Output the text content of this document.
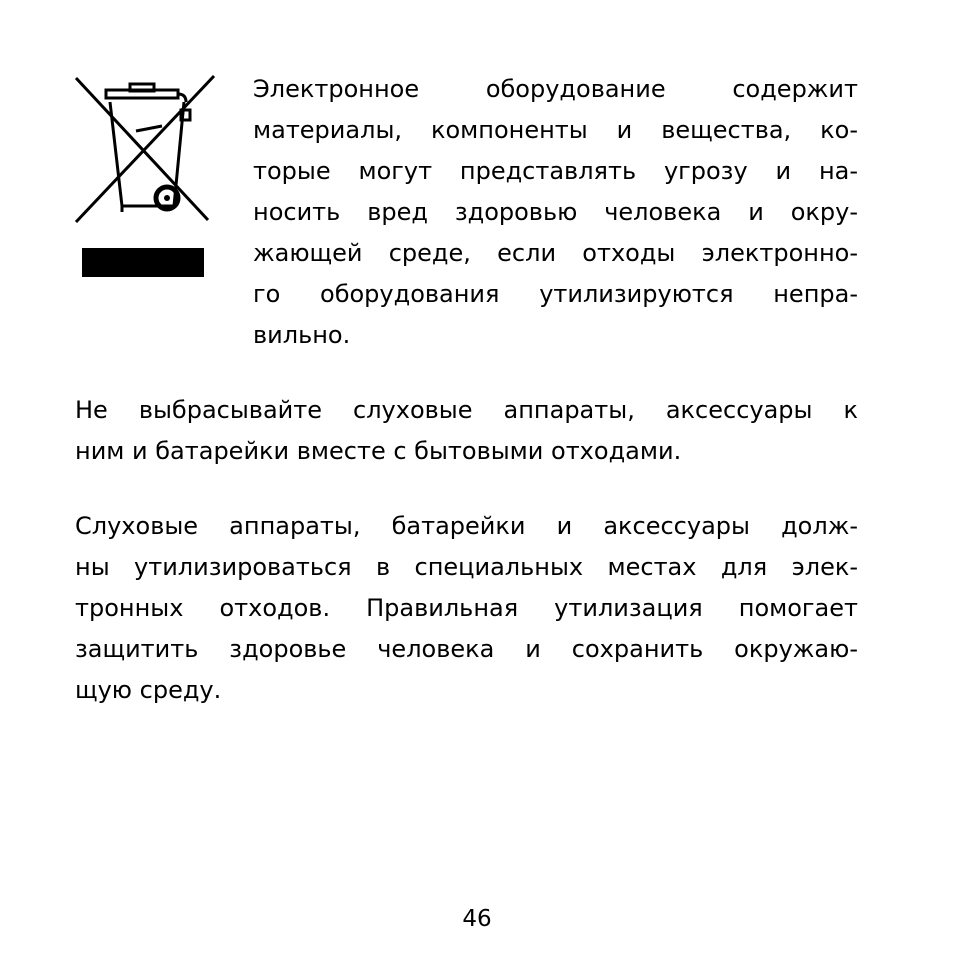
Электронное оборудование содержит

материалы, компоненты и вещества, ко-

торые могут представлять угрозу и на-

носить вред здоровью человека и окру-

жающей среде, если отходы электронно-

го оборудования утилизируются непра-

вильно.

Не выбрасывайте слуховые аппараты, аксессуары к

ним и батарейки вместе с бытовыми отходами.

Слуховые аппараты, батарейки и аксессуары долж-

ны утилизироваться в специальных местах для элек-

тронных отходов. Правильная утилизация помогает

защитить здоровье человека и сохранить окружаю-

щую среду.

46
